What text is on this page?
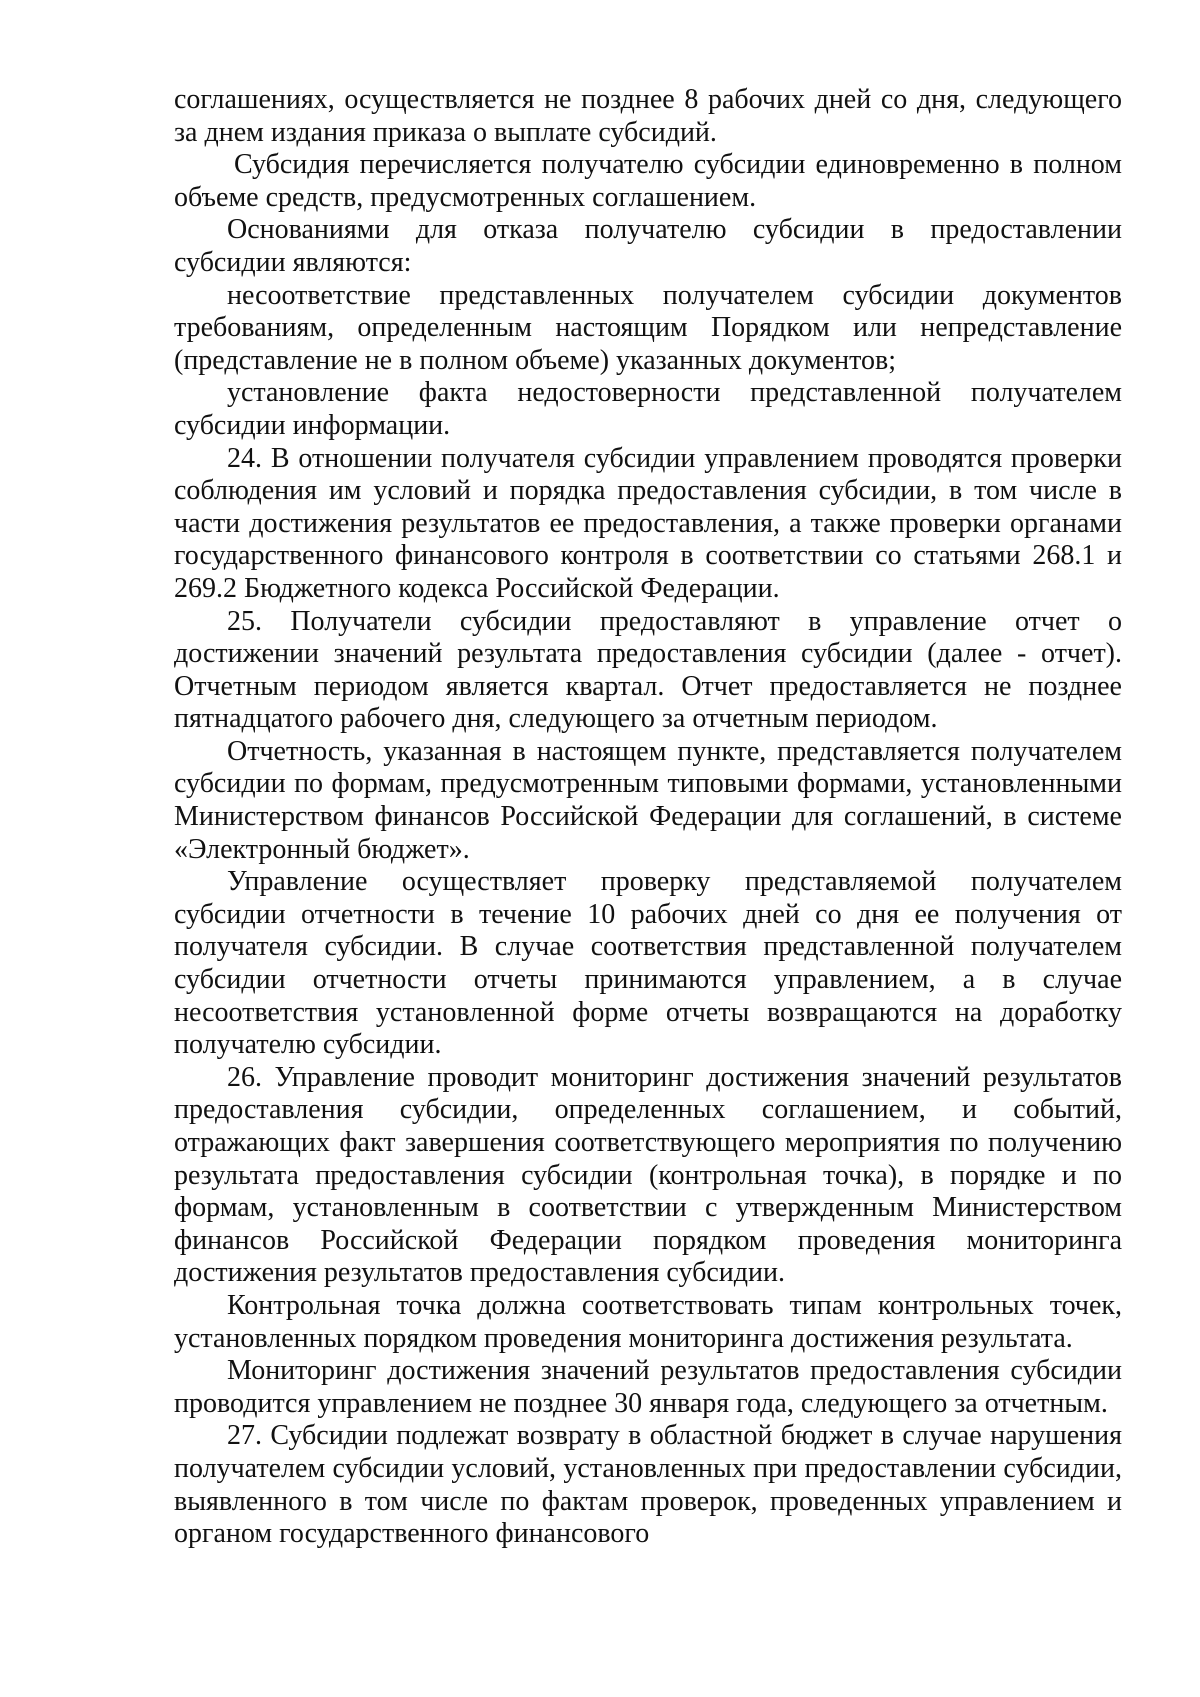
соглашениях, осуществляется не позднее 8 рабочих дней со дня, следующего за днем издания приказа о выплате субсидий.

Субсидия перечисляется получателю субсидии единовременно в полном объеме средств, предусмотренных соглашением.

Основаниями для отказа получателю субсидии в предоставлении субсидии являются:

несоответствие представленных получателем субсидии документов требованиям, определенным настоящим Порядком или непредставление (представление не в полном объеме) указанных документов;

установление факта недостоверности представленной получателем субсидии информации.

24. В отношении получателя субсидии управлением проводятся проверки соблюдения им условий и порядка предоставления субсидии, в том числе в части достижения результатов ее предоставления, а также проверки органами государственного финансового контроля в соответствии со статьями 268.1 и 269.2 Бюджетного кодекса Российской Федерации.

25. Получатели субсидии предоставляют в управление отчет о достижении значений результата предоставления субсидии (далее - отчет). Отчетным периодом является квартал. Отчет предоставляется не позднее пятнадцатого рабочего дня, следующего за отчетным периодом.

Отчетность, указанная в настоящем пункте, представляется получателем субсидии по формам, предусмотренным типовыми формами, установленными Министерством финансов Российской Федерации для соглашений, в системе «Электронный бюджет».

Управление осуществляет проверку представляемой получателем субсидии отчетности в течение 10 рабочих дней со дня ее получения от получателя субсидии. В случае соответствия представленной получателем субсидии отчетности отчеты принимаются управлением, а в случае несоответствия установленной форме отчеты возвращаются на доработку получателю субсидии.

26. Управление проводит мониторинг достижения значений результатов предоставления субсидии, определенных соглашением, и событий, отражающих факт завершения соответствующего мероприятия по получению результата предоставления субсидии (контрольная точка), в порядке и по формам, установленным в соответствии с утвержденным Министерством финансов Российской Федерации порядком проведения мониторинга достижения результатов предоставления субсидии.

Контрольная точка должна соответствовать типам контрольных точек, установленных порядком проведения мониторинга достижения результата.

Мониторинг достижения значений результатов предоставления субсидии проводится управлением не позднее 30 января года, следующего за отчетным.

27. Субсидии подлежат возврату в областной бюджет в случае нарушения получателем субсидии условий, установленных при предоставлении субсидии, выявленного в том числе по фактам проверок, проведенных управлением и органом государственного финансового
